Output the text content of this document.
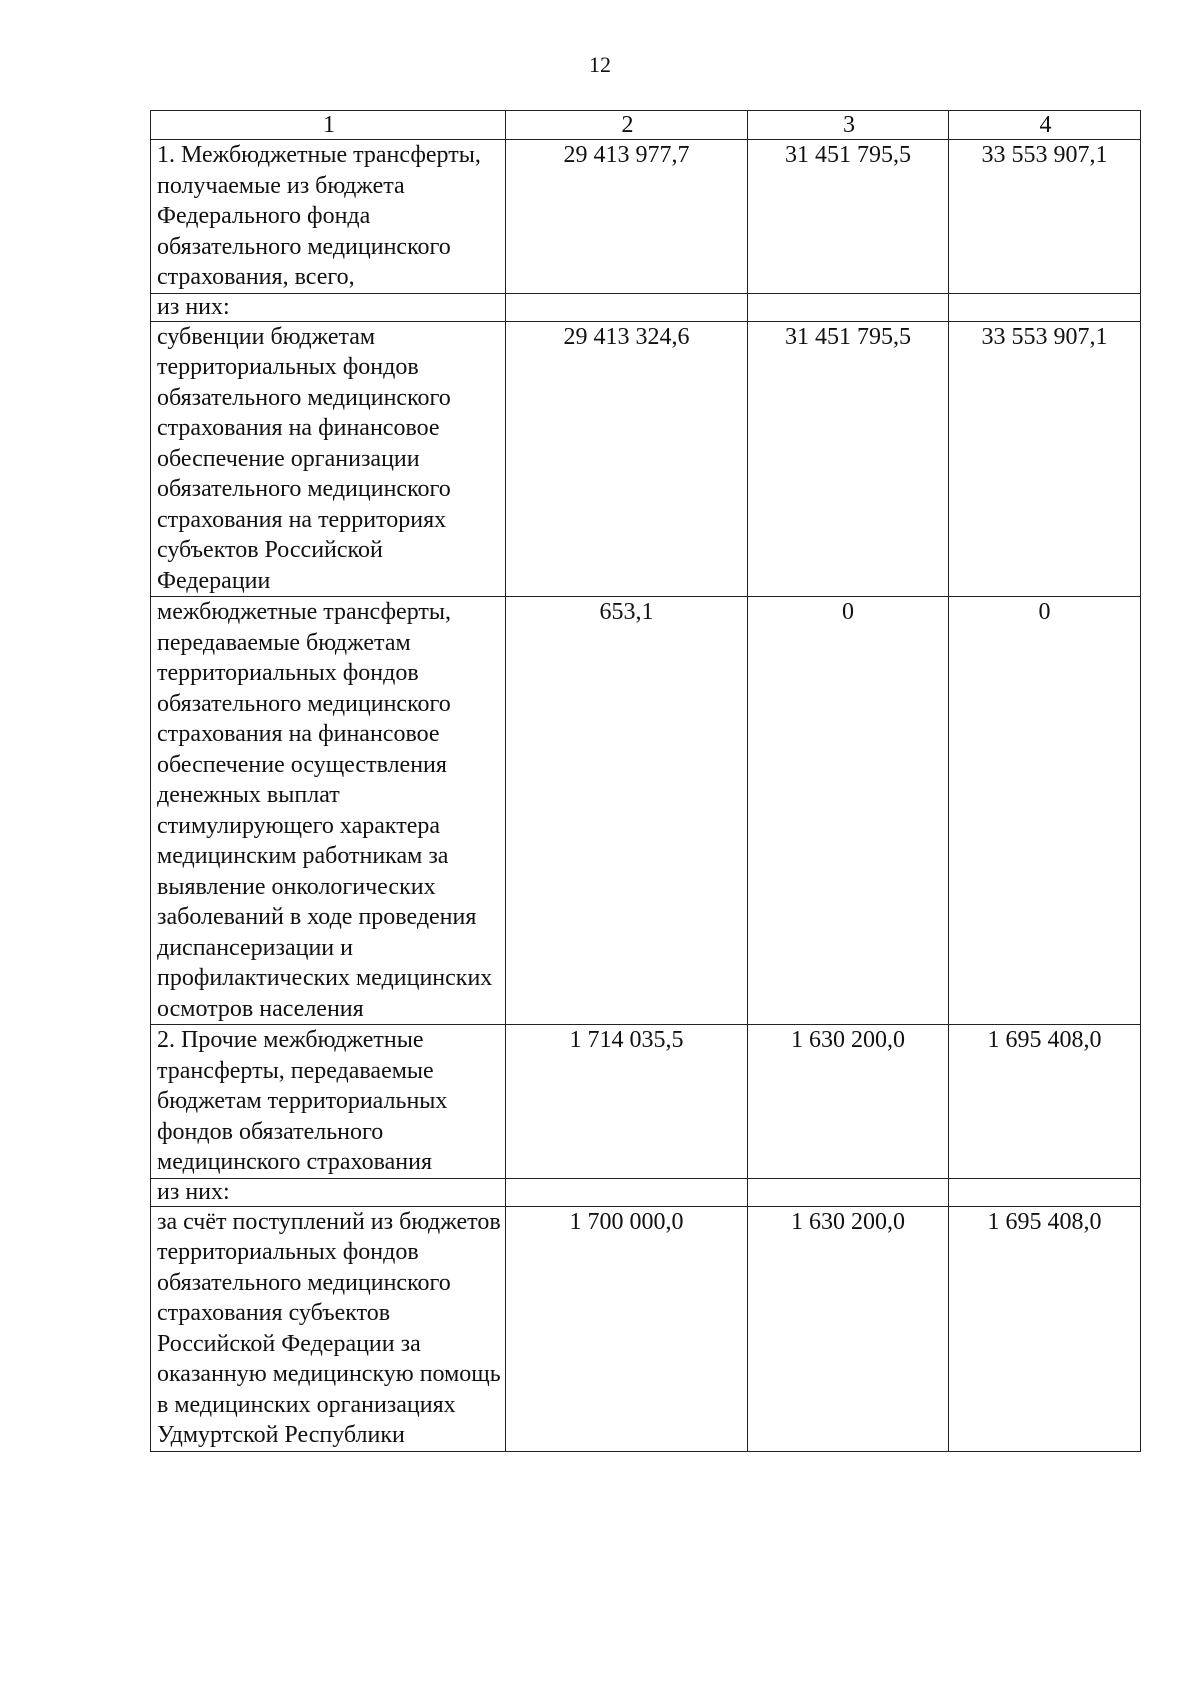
12
1	2	3	4
1. Межбюджетные трансферты, получаемые из бюджета Федерального фонда обязательного медицинского страхования, всего,	29 413 977,7	31 451 795,5	33 553 907,1
из них:			
субвенции бюджетам территориальных фондов обязательного медицинского страхования на финансовое обеспечение организации обязательного медицинского страхования на территориях субъектов Российской Федерации	29 413 324,6	31 451 795,5	33 553 907,1
межбюджетные трансферты, передаваемые бюджетам территориальных фондов обязательного медицинского страхования на финансовое обеспечение осуществления денежных выплат стимулирующего характера медицинским работникам за выявление онкологических заболеваний в ходе проведения диспансеризации и профилактических медицинских осмотров населения	653,1	0	0
2. Прочие межбюджетные трансферты, передаваемые бюджетам территориальных фондов обязательного медицинского страхования	1 714 035,5	1 630 200,0	1 695 408,0
из них:			
за счёт поступлений из бюджетов территориальных фондов обязательного медицинского страхования субъектов Российской Федерации за оказанную медицинскую помощь в медицинских организациях Удмуртской Республики	1 700 000,0	1 630 200,0	1 695 408,0
